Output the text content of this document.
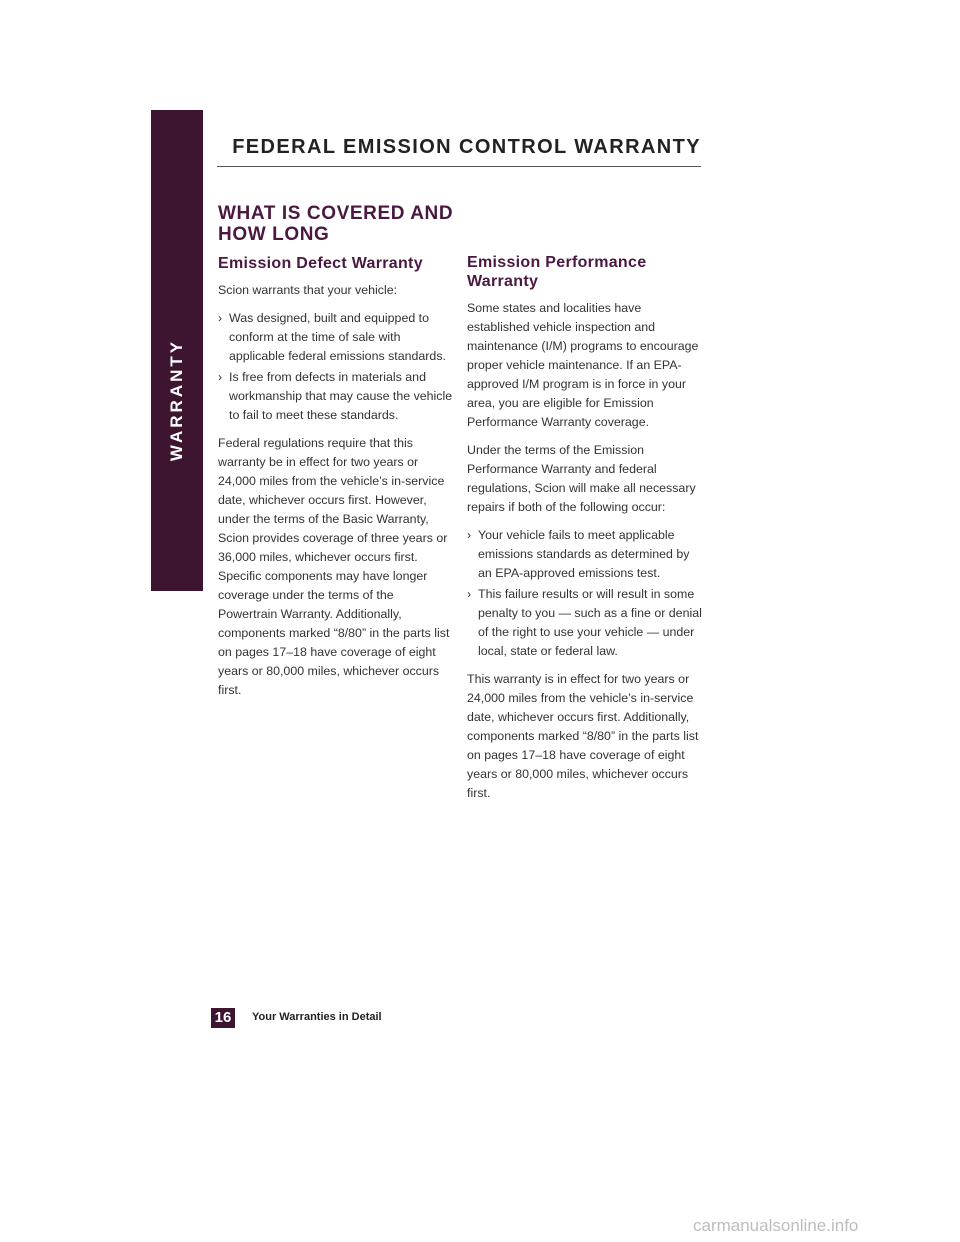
WARRANTY
FEDERAL EMISSION CONTROL WARRANTY
WHAT IS COVERED AND HOW LONG
Emission Defect Warranty

Scion warrants that your vehicle:

› Was designed, built and equipped to conform at the time of sale with applicable federal emissions standards.
› Is free from defects in materials and workmanship that may cause the vehicle to fail to meet these standards.

Federal regulations require that this warranty be in effect for two years or 24,000 miles from the vehicle’s in-service date, whichever occurs first. However, under the terms of the Basic Warranty, Scion provides coverage of three years or 36,000 miles, whichever occurs first. Specific components may have longer coverage under the terms of the Powertrain Warranty. Additionally, components marked “8/80” in the parts list on pages 17–18 have coverage of eight years or 80,000 miles, whichever occurs first.

Emission Performance Warranty

Some states and localities have established vehicle inspection and maintenance (I/M) programs to encourage proper vehicle maintenance. If an EPA-approved I/M program is in force in your area, you are eligible for Emission Performance Warranty coverage.

Under the terms of the Emission Performance Warranty and federal regulations, Scion will make all necessary repairs if both of the following occur:

› Your vehicle fails to meet applicable emissions standards as determined by an EPA-approved emissions test.
› This failure results or will result in some penalty to you — such as a fine or denial of the right to use your vehicle — under local, state or federal law.

This warranty is in effect for two years or 24,000 miles from the vehicle’s in-service date, whichever occurs first. Additionally, components marked “8/80” in the parts list on pages 17–18 have coverage of eight years or 80,000 miles, whichever occurs first.

16	Your Warranties in Detail
carmanualsonline.info
